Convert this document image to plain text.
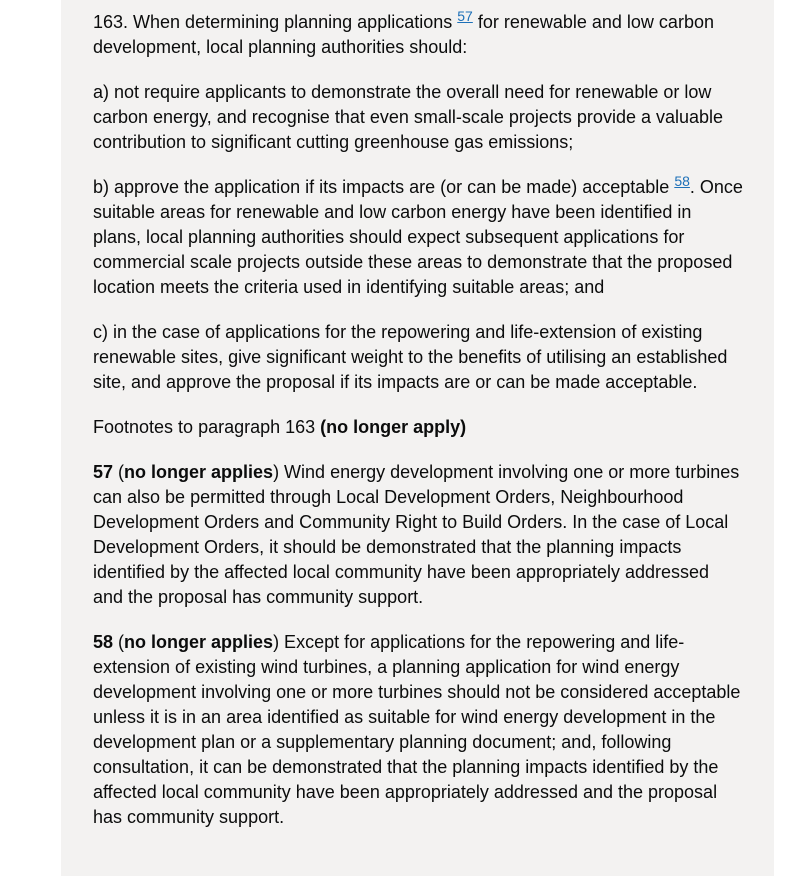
163. When determining planning applications $^{57}$ for renewable and low carbon development, local planning authorities should:

a) not require applicants to demonstrate the overall need for renewable or low carbon energy, and recognise that even small-scale projects provide a valuable contribution to significant cutting greenhouse gas emissions;

b) approve the application if its impacts are (or can be made) acceptable $^{58}$. Once suitable areas for renewable and low carbon energy have been identified in plans, local planning authorities should expect subsequent applications for commercial scale projects outside these areas to demonstrate that the proposed location meets the criteria used in identifying suitable areas; and

c) in the case of applications for the repowering and life-extension of existing renewable sites, give significant weight to the benefits of utilising an established site, and approve the proposal if its impacts are or can be made acceptable.

Footnotes to paragraph 163 (no longer apply)

57 (no longer applies) Wind energy development involving one or more turbines can also be permitted through Local Development Orders, Neighbourhood Development Orders and Community Right to Build Orders. In the case of Local Development Orders, it should be demonstrated that the planning impacts identified by the affected local community have been appropriately addressed and the proposal has community support.

58 (no longer applies) Except for applications for the repowering and life-extension of existing wind turbines, a planning application for wind energy development involving one or more turbines should not be considered acceptable unless it is in an area identified as suitable for wind energy development in the development plan or a supplementary planning document; and, following consultation, it can be demonstrated that the planning impacts identified by the affected local community have been appropriately addressed and the proposal has community support.
